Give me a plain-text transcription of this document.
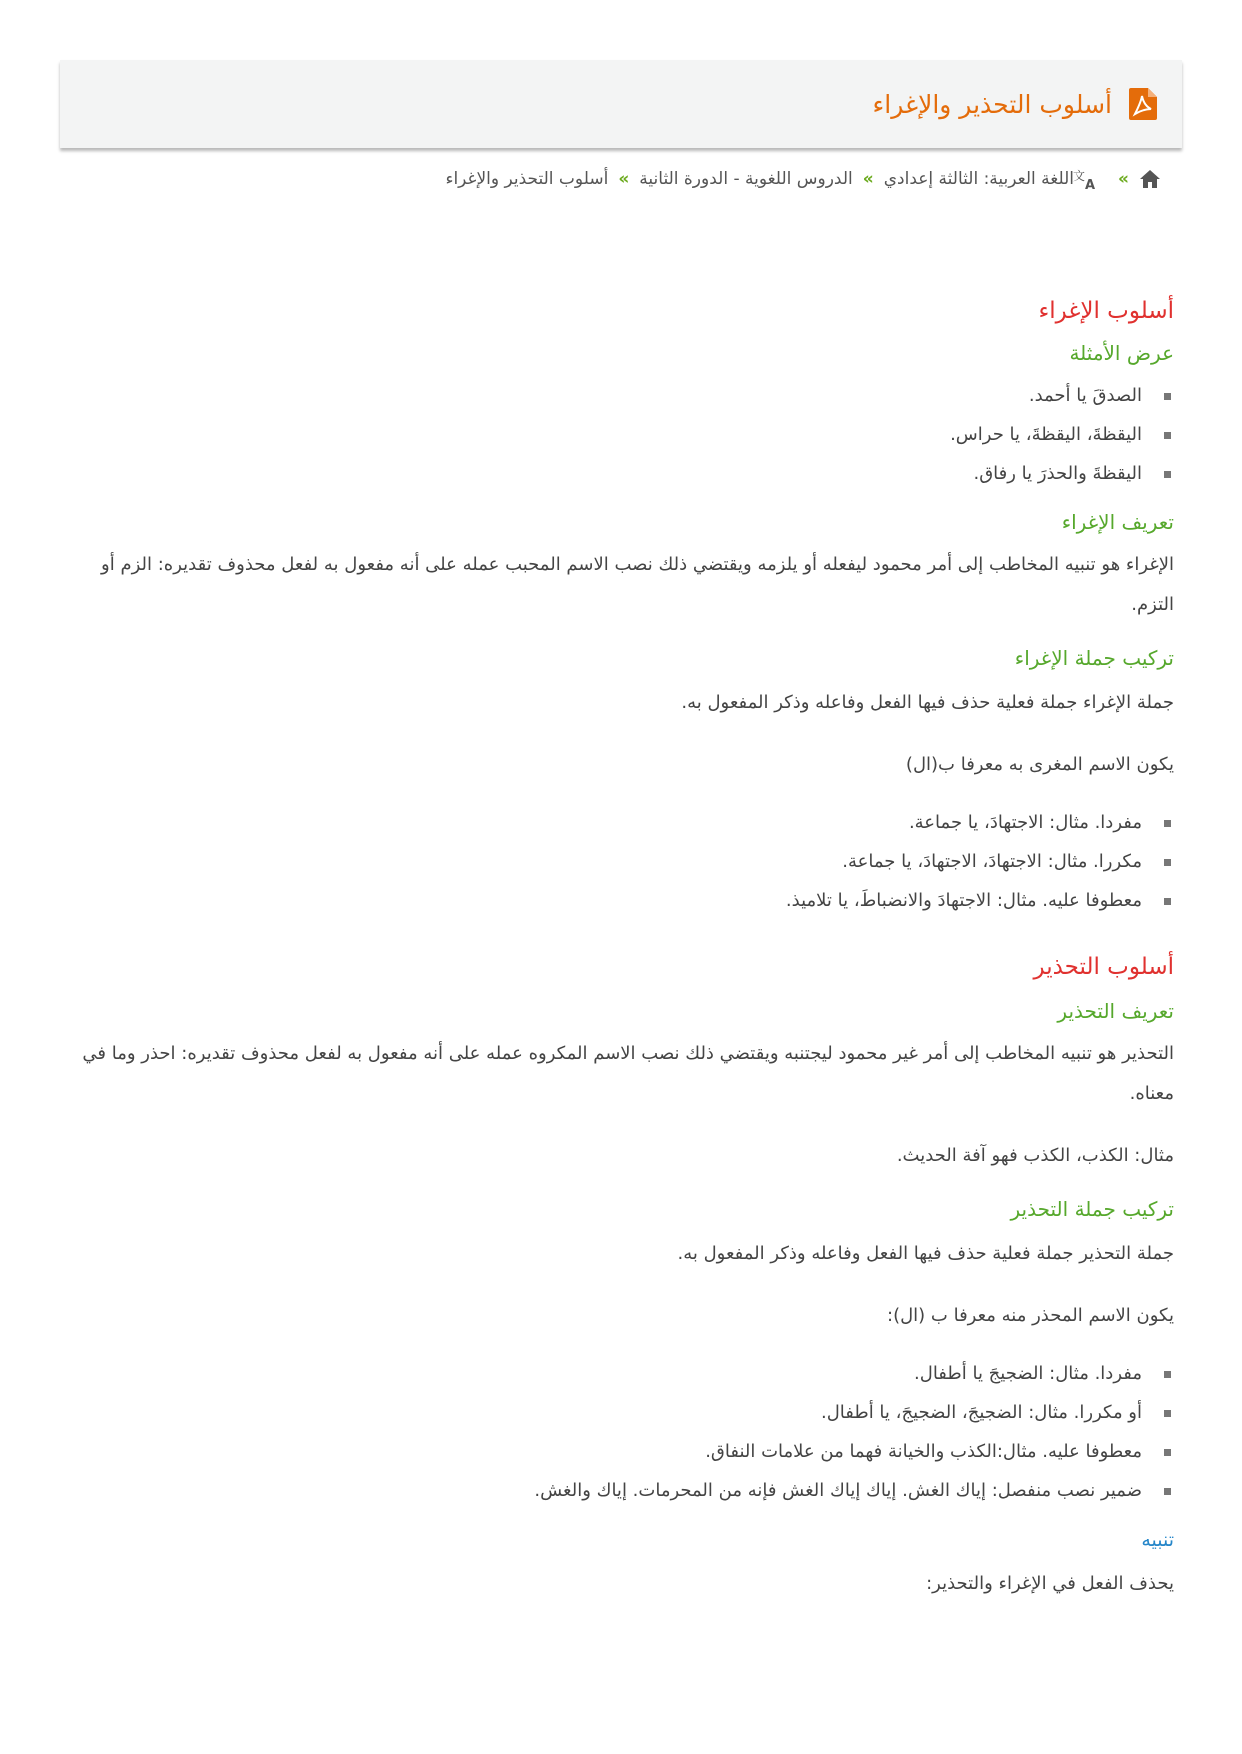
أسلوب التحذير والإغراء
»
文
A
اللغة العربية: الثالثة إعدادي
»
الدروس اللغوية - الدورة الثانية
»
أسلوب التحذير والإغراء
أسلوب الإغراء
عرض الأمثلة
الصدقَ يا أحمد.
اليقظةَ، اليقظةَ، يا حراس.
اليقظةَ والحذرَ يا رفاق.
تعريف الإغراء

الإغراء هو تنبيه المخاطب إلى أمر محمود ليفعله أو يلزمه ويقتضي ذلك نصب الاسم المحبب عمله على أنه مفعول به لفعل محذوف تقديره: الزم أو التزم.

تركيب جملة الإغراء

جملة الإغراء جملة فعلية حذف فيها الفعل وفاعله وذكر المفعول به.

يكون الاسم المغرى به معرفا ب(ال)

مفردا. مثال: الاجتهادَ، يا جماعة.
مكررا. مثال: الاجتهادَ، الاجتهادَ، يا جماعة.
معطوفا عليه. مثال: الاجتهادَ والانضباطَ، يا تلاميذ.
أسلوب التحذير
تعريف التحذير

التحذير هو تنبيه المخاطب إلى أمر غير محمود ليجتنبه ويقتضي ذلك نصب الاسم المكروه عمله على أنه مفعول به لفعل محذوف تقديره: احذر وما في معناه.

مثال: الكذب، الكذب فهو آفة الحديث.

تركيب جملة التحذير

جملة التحذير جملة فعلية حذف فيها الفعل وفاعله وذكر المفعول به.

يكون الاسم المحذر منه معرفا ب (ال):

مفردا. مثال: الضجيجَ يا أطفال.
أو مكررا. مثال: الضجيجَ، الضجيجَ، يا أطفال.
معطوفا عليه. مثال:الكذب والخيانة فهما من علامات النفاق.
ضمير نصب منفصل: إياك الغش. إياك إياك الغش فإنه من المحرمات. إياك والغش.
تنبيه

يحذف الفعل في الإغراء والتحذير:
